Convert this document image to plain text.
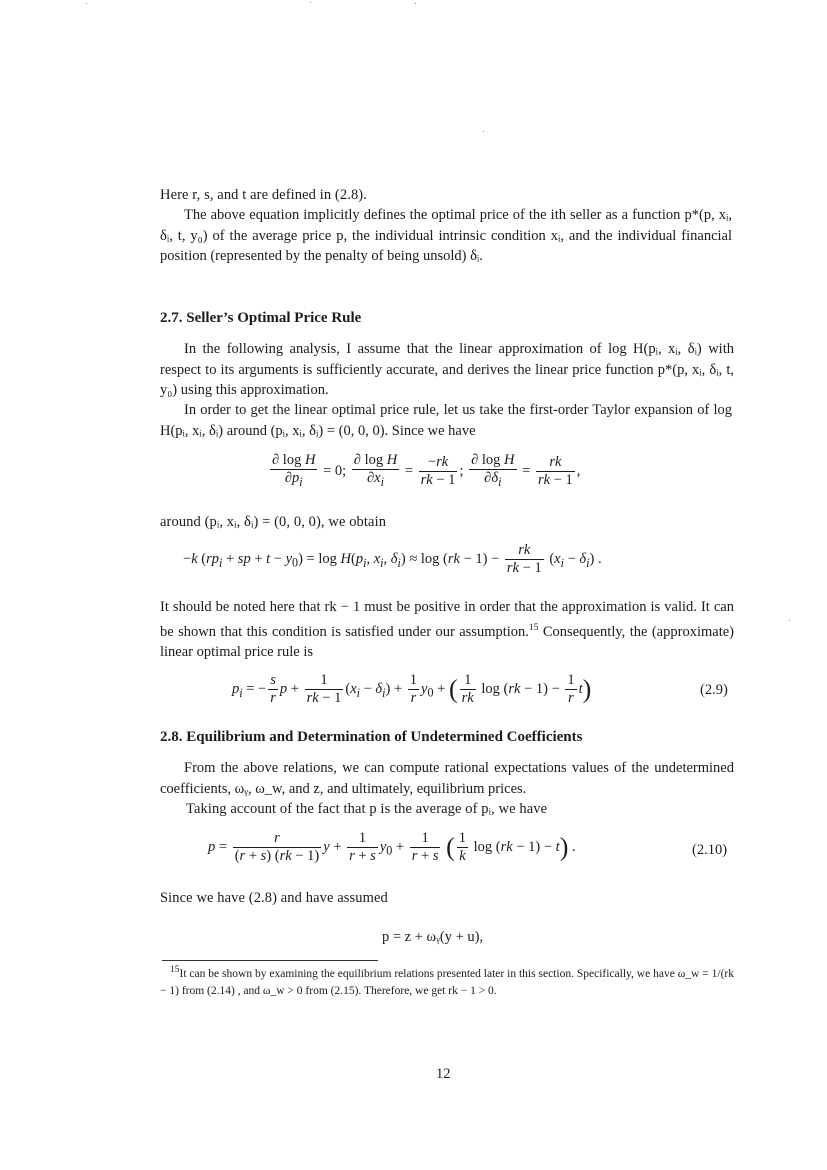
Here r, s, and t are defined in (2.8).
The above equation implicitly defines the optimal price of the ith seller as a function p*(p, xᵢ, δᵢ, t, y₀) of the average price p, the individual intrinsic condition xᵢ, and the individual financial position (represented by the penalty of being unsold) δᵢ.
2.7. Seller’s Optimal Price Rule
In the following analysis, I assume that the linear approximation of log H(pᵢ, xᵢ, δᵢ) with respect to its arguments is sufficiently accurate, and derives the linear price function p*(p, xᵢ, δᵢ, t, y₀) using this approximation.
In order to get the linear optimal price rule, let us take the first-order Taylor expansion of log H(pᵢ, xᵢ, δᵢ) around (pᵢ, xᵢ, δᵢ) = (0, 0, 0). Since we have
$\frac{\text{∂ log H}}{\partial p_i} = 0$; $\frac{\text{∂ log H}}{\partial x_i} = \frac{-rk}{rk - 1}$ ; $\frac{\text{∂ log H}}{\partial\delta_i} = \frac{rk}{rk - 1}$ ,
around (pᵢ, xᵢ, δᵢ) = (0, 0, 0), we obtain
−k ($rp_i$ + sp + $t - y_0) = \log H(p_i$, $x_i$, $\delta_i) \approx \log (rk - 1) - \frac{rk}{rk - 1} (x_i - \delta_i)$ .
It should be noted here that rk − 1 must be positive in order that the approximation is valid. It can be shown that this condition is satisfied under our assumption.$^{15}$ Consequently, the (approximate) linear optimal price rule is
$p_i$ = − $\frac{s}{r}$ $p + \frac{1}{rk - 1} (x_i - \delta_i) + \frac{1}{r} y_0$ + ( $\frac{1}{rk}$ $\log (rk - 1) - \frac{1}{r} t$)	(2.9)
2.8. Equilibrium and Determination of Undetermined Coefficients
From the above relations, we can compute rational expectations values of the undetermined coefficients, ωᵧ, ω_w, and z, and ultimately, equilibrium prices.
Taking account of the fact that p is the average of pᵢ, we have
$p = \frac{r}{(r + s) (rk - 1)}$ $y + \frac{1}{r + s} y_0 + \frac{1}{r + s}$ ( $\frac{1}{k}$ log (rk − 1) − t) .	(2.10)
Since we have (2.8) and have assumed
p = z + ωᵧ(y + u),
$^{15}$It can be shown by examining the equilibrium relations presented later in this section. Specifically, we have ω_w = 1/(rk − 1) from (2.14) , and ω_w > 0 from (2.15). Therefore, we get rk − 1 > 0.
12
